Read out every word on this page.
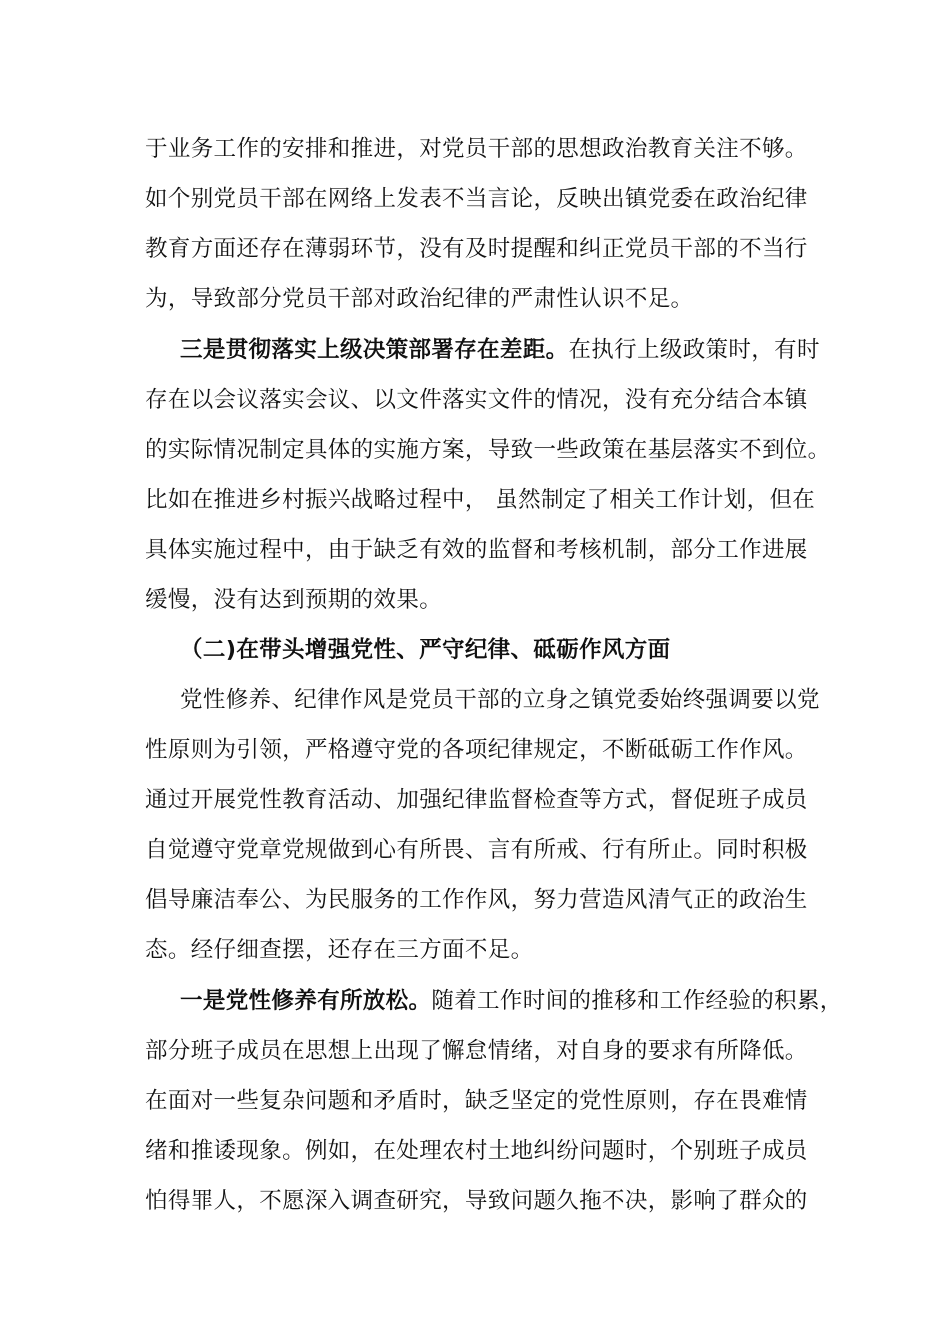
于业务工作的安排和推进，对党员干部的思想政治教育关注不够。
如个别党员干部在网络上发表不当言论，反映出镇党委在政治纪律
教育方面还存在薄弱环节，没有及时提醒和纠正党员干部的不当行
为，导致部分党员干部对政治纪律的严肃性认识不足。
三是贯彻落实上级决策部署存在差距。在执行上级政策时，有时
存在以会议落实会议、以文件落实文件的情况，没有充分结合本镇
的实际情况制定具体的实施方案，导致一些政策在基层落实不到位。
比如在推进乡村振兴战略过程中， 虽然制定了相关工作计划，但在
具体实施过程中，由于缺乏有效的监督和考核机制，部分工作进展
缓慢，没有达到预期的效果。
（二)在带头增强党性、严守纪律、砥砺作风方面
党性修养、纪律作风是党员干部的立身之镇党委始终强调要以党
性原则为引领，严格遵守党的各项纪律规定，不断砥砺工作作风。
通过开展党性教育活动、加强纪律监督检查等方式，督促班子成员
自觉遵守党章党规做到心有所畏、言有所戒、行有所止。同时积极
倡导廉洁奉公、为民服务的工作作风，努力营造风清气正的政治生
态。经仔细查摆，还存在三方面不足。
一是党性修养有所放松。随着工作时间的推移和工作经验的积累，
部分班子成员在思想上出现了懈怠情绪，对自身的要求有所降低。
在面对一些复杂问题和矛盾时，缺乏坚定的党性原则，存在畏难情
绪和推诿现象。例如，在处理农村土地纠纷问题时，个别班子成员
怕得罪人，不愿深入调查研究，导致问题久拖不决，影响了群众的
